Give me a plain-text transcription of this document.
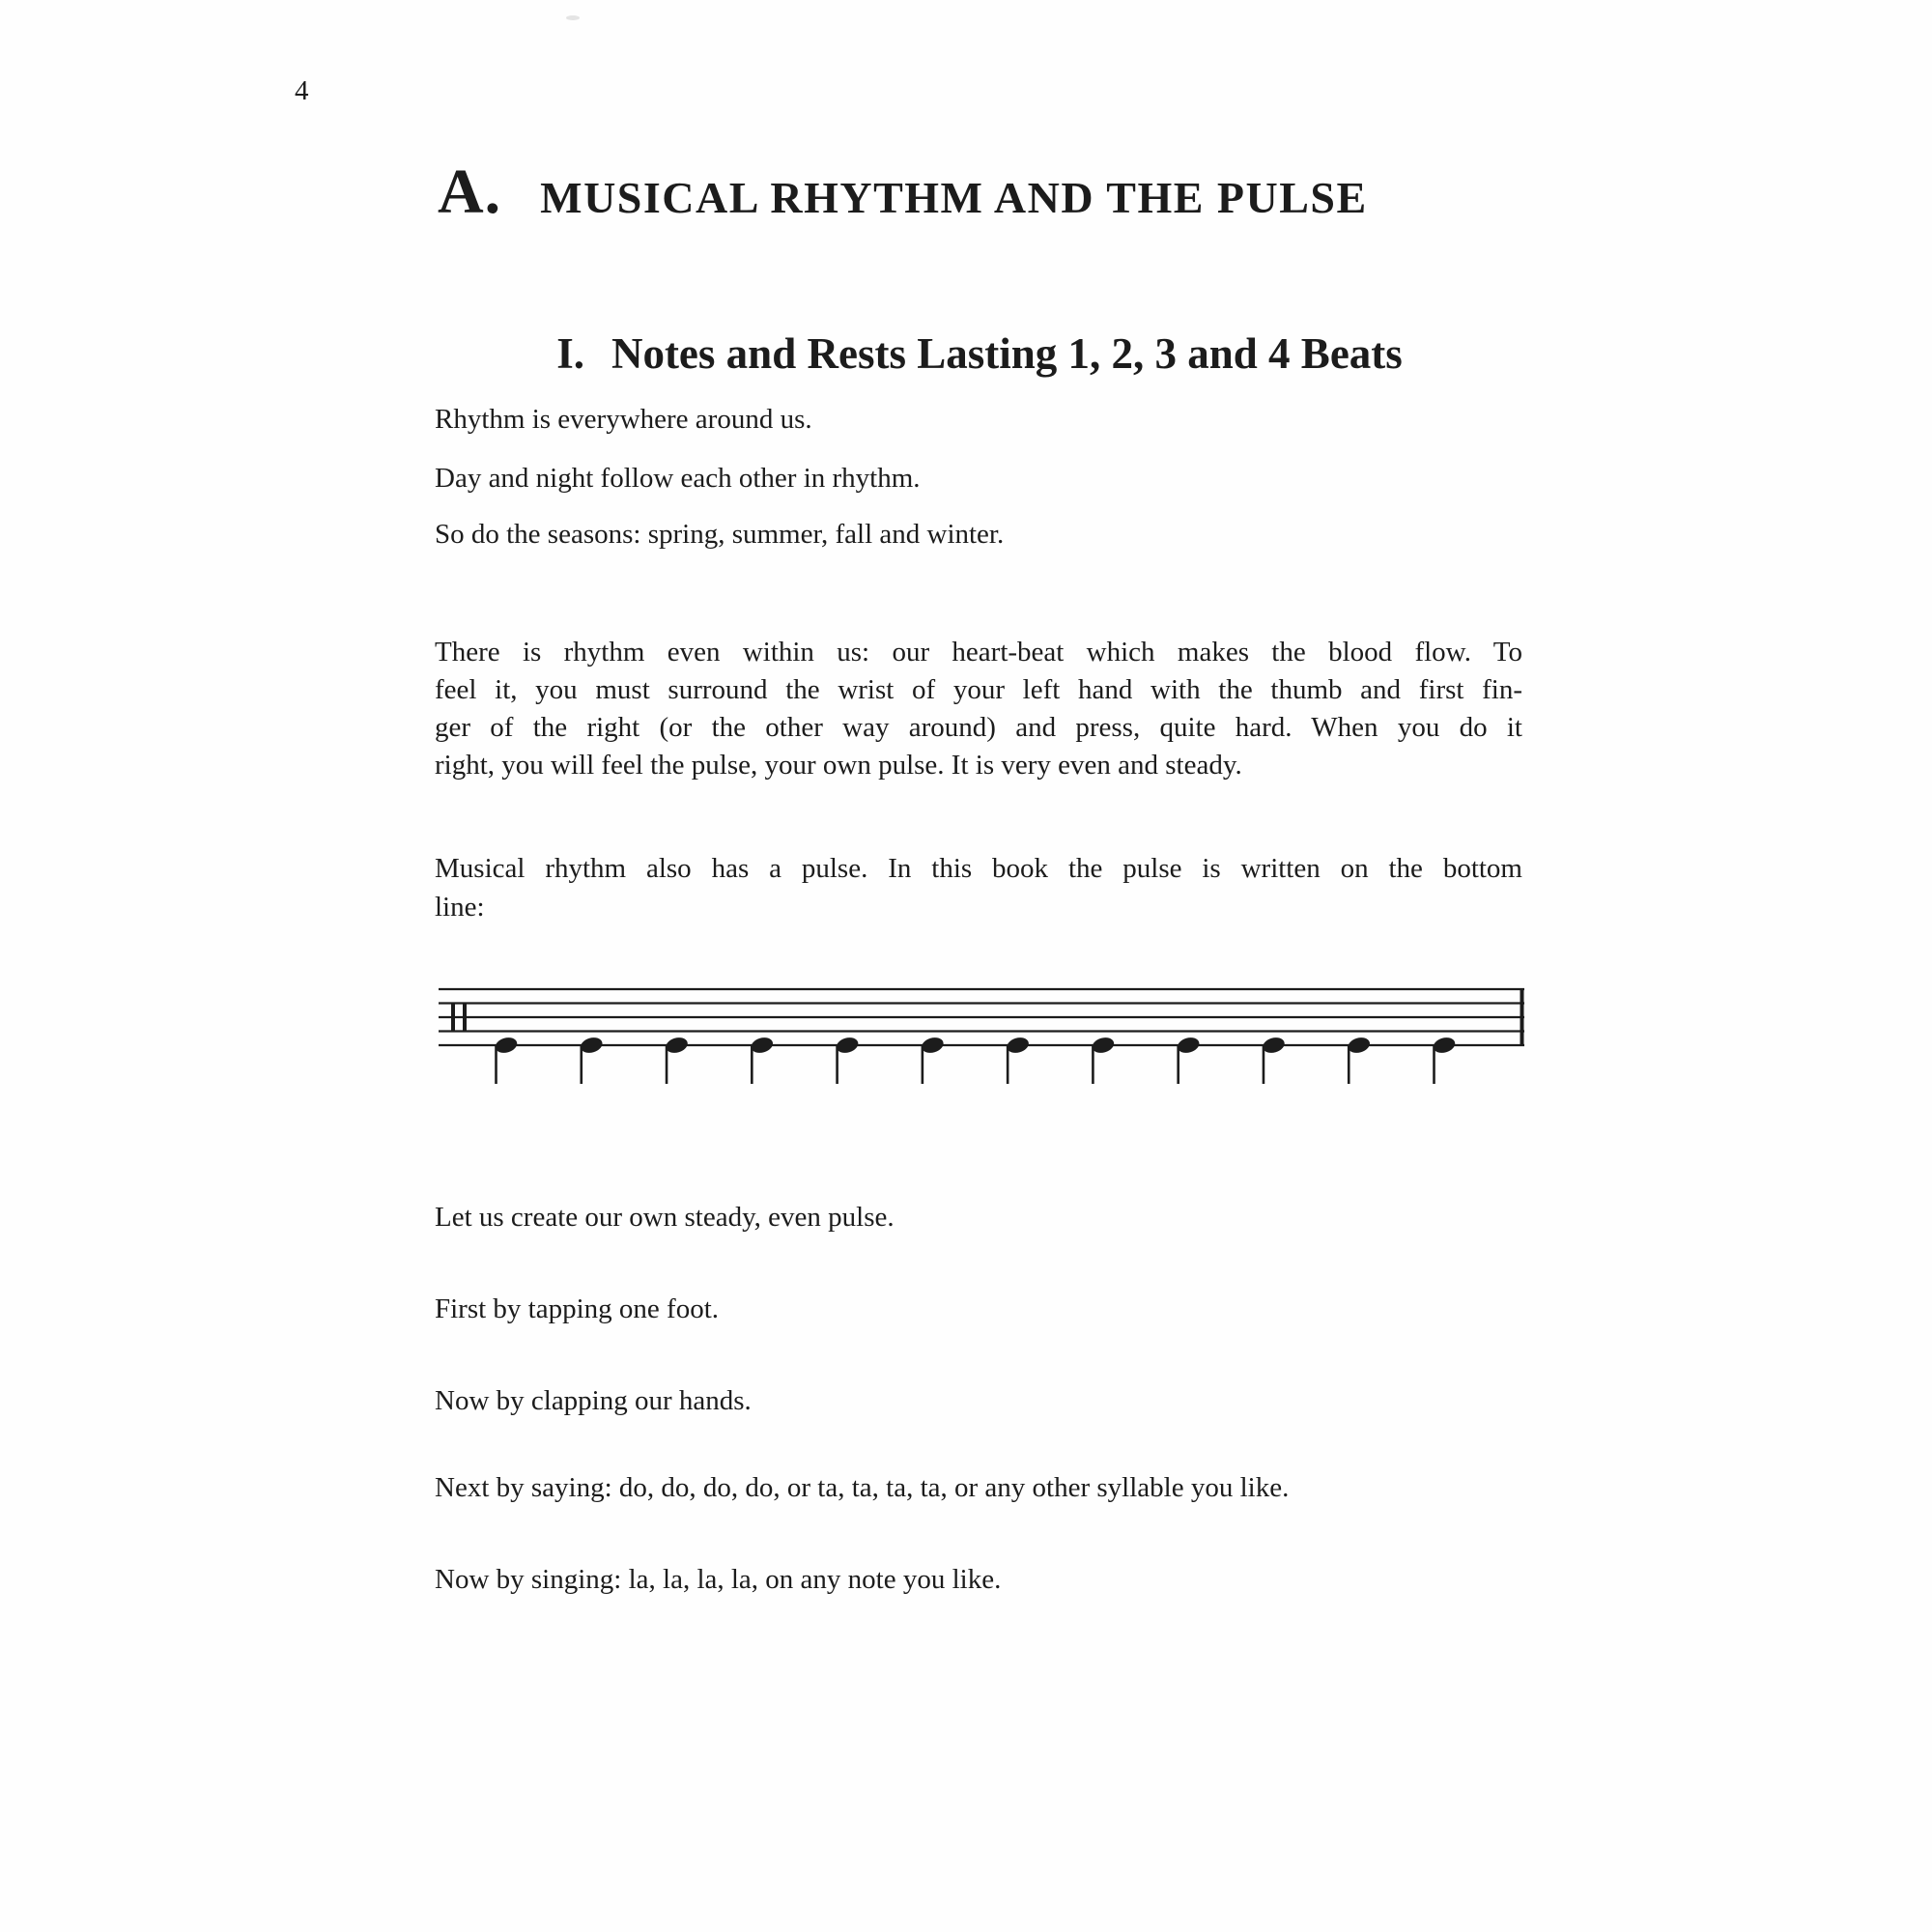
4
A. MUSICAL RHYTHM AND THE PULSE
I. Notes and Rests Lasting 1, 2, 3 and 4 Beats
Rhythm is everywhere around us.
Day and night follow each other in rhythm.
So do the seasons: spring, summer, fall and winter.
There is rhythm even within us: our heart-beat which makes the blood flow. To
feel it, you must surround the wrist of your left hand with the thumb and first fin-
ger of the right (or the other way around) and press, quite hard. When you do it
right, you will feel the pulse, your own pulse. It is very even and steady.
Musical rhythm also has a pulse. In this book the pulse is written on the bottom
line:
Let us create our own steady, even pulse.
First by tapping one foot.
Now by clapping our hands.
Next by saying: do, do, do, do, or ta, ta, ta, ta, or any other syllable you like.
Now by singing: la, la, la, la, on any note you like.
